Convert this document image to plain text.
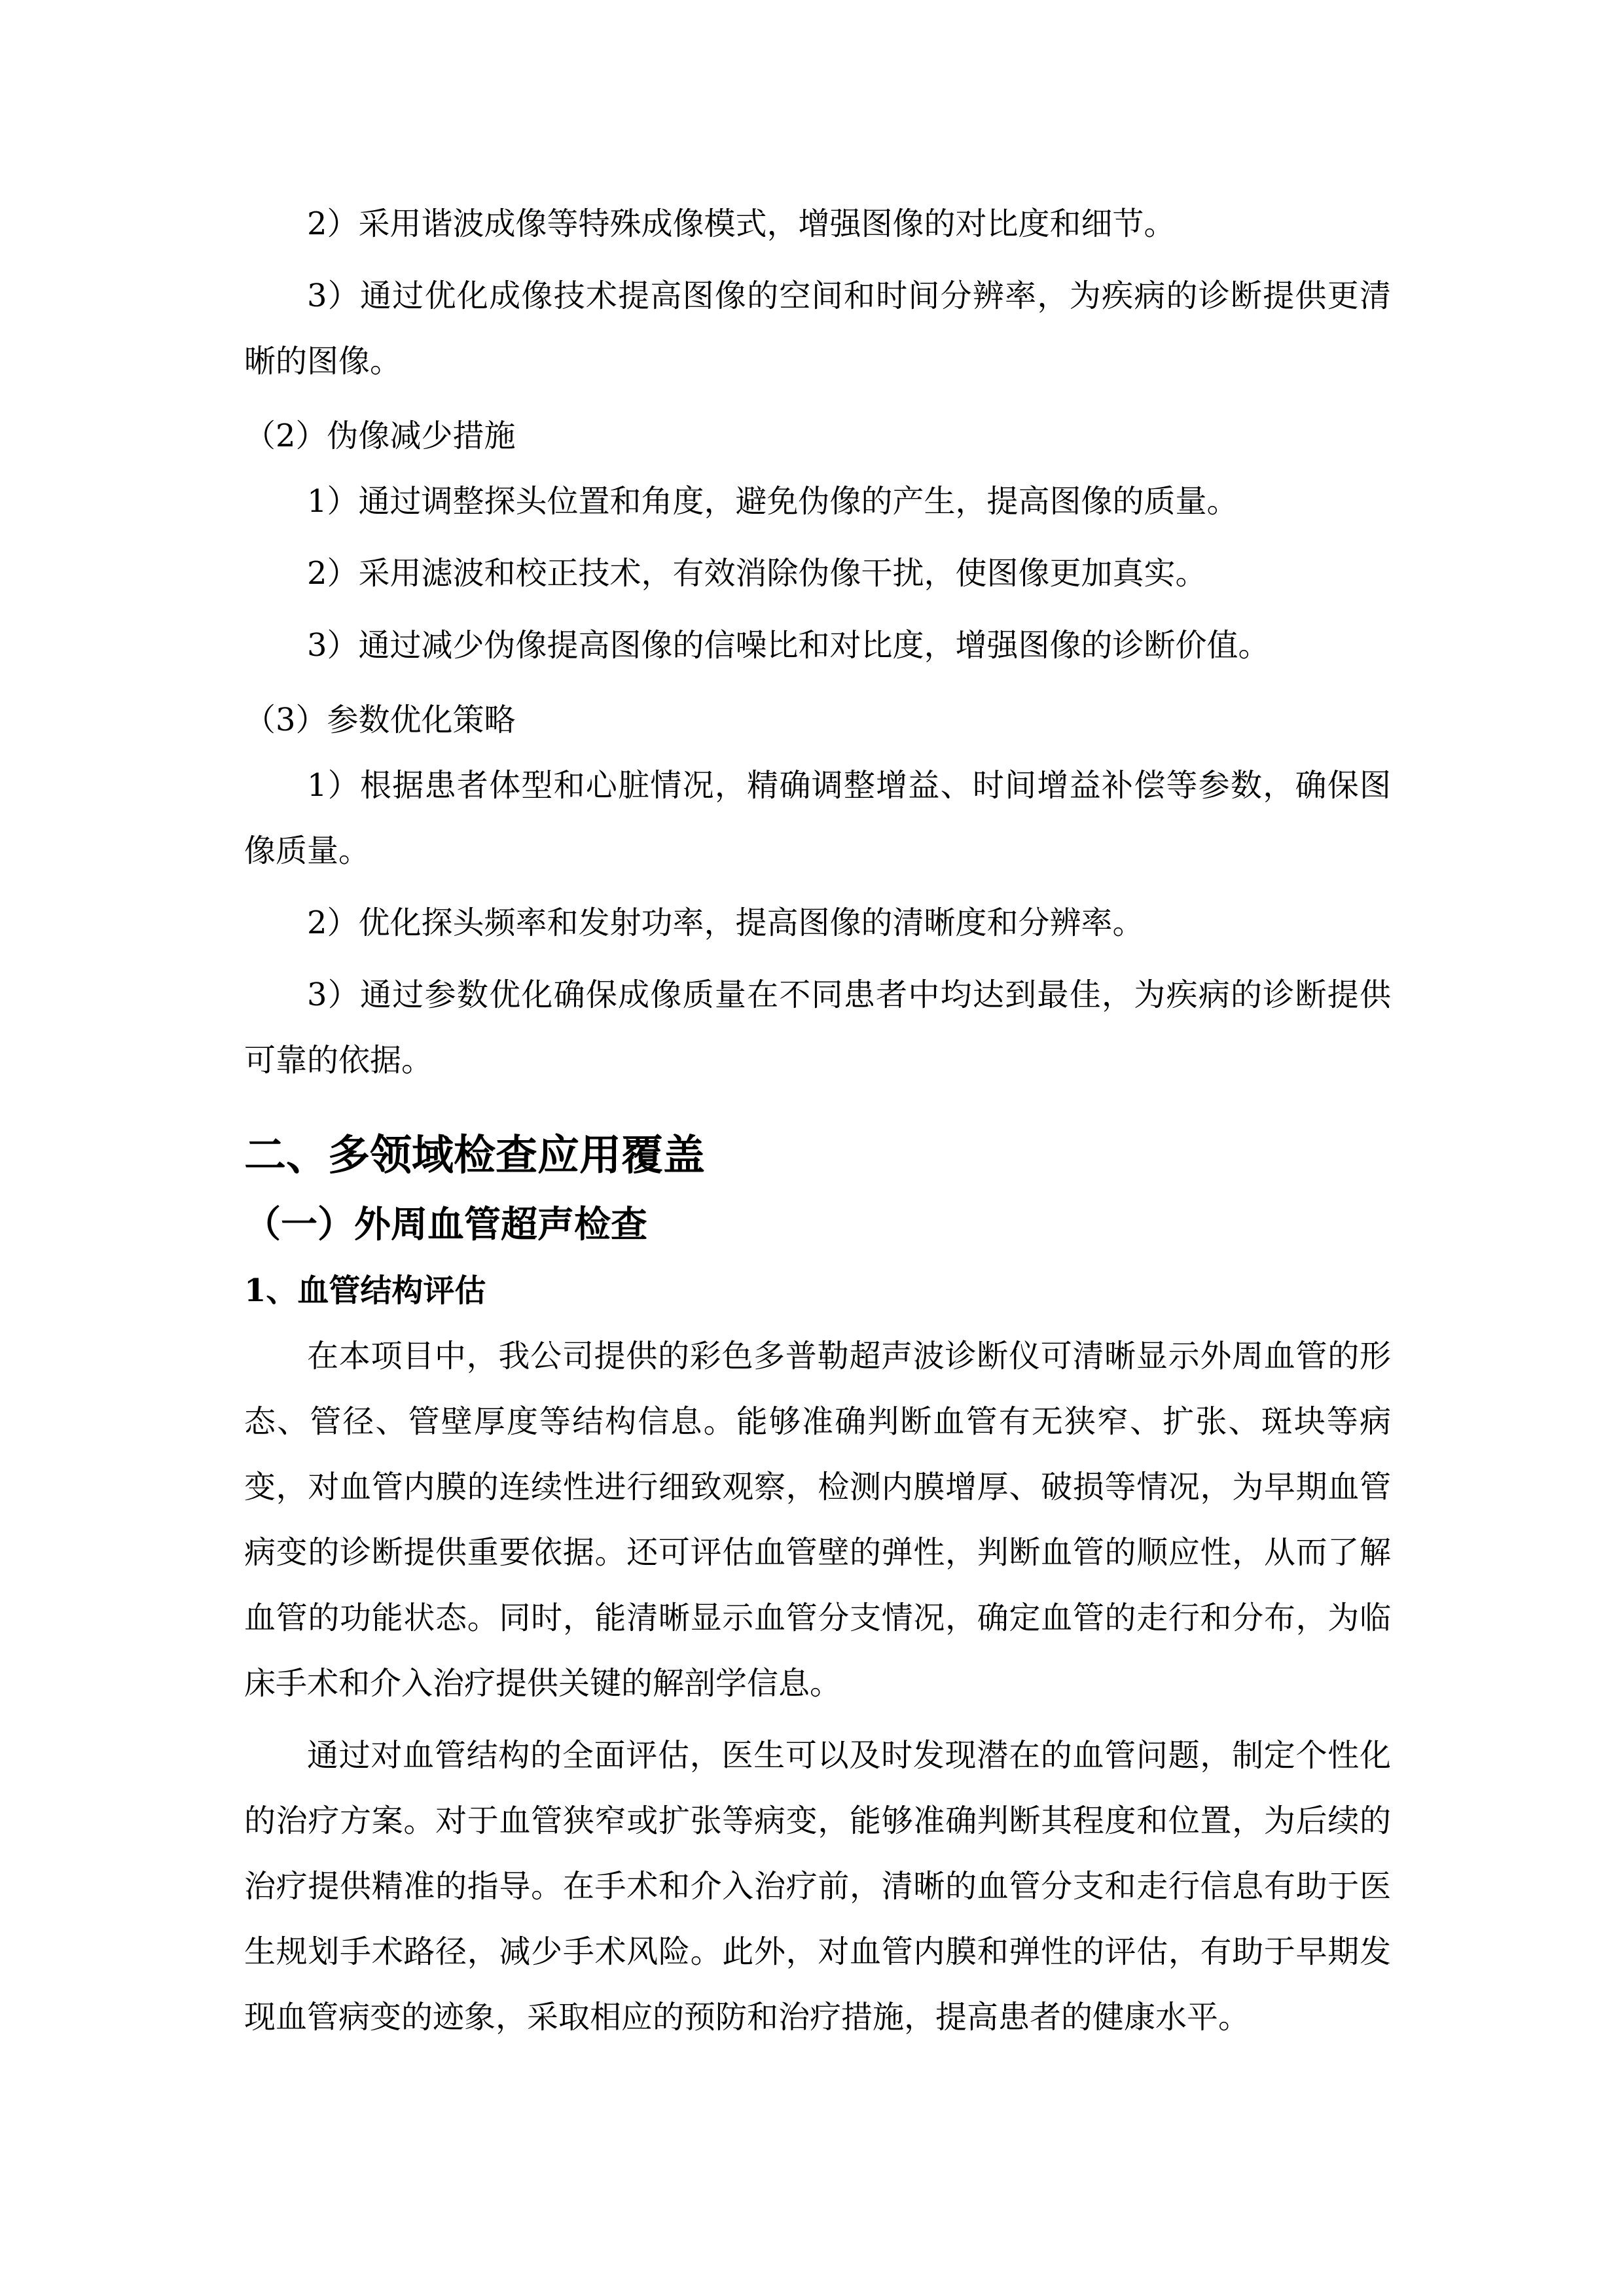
2）采用谐波成像等特殊成像模式，增强图像的对比度和细节。

3）通过优化成像技术提高图像的空间和时间分辨率，为疾病的诊断提供更清晰的图像。

（2）伪像减少措施

1）通过调整探头位置和角度，避免伪像的产生，提高图像的质量。

2）采用滤波和校正技术，有效消除伪像干扰，使图像更加真实。

3）通过减少伪像提高图像的信噪比和对比度，增强图像的诊断价值。

（3）参数优化策略

1）根据患者体型和心脏情况，精确调整增益、时间增益补偿等参数，确保图像质量。

2）优化探头频率和发射功率，提高图像的清晰度和分辨率。

3）通过参数优化确保成像质量在不同患者中均达到最佳，为疾病的诊断提供可靠的依据。

二、多领域检查应用覆盖
（一）外周血管超声检查
1、血管结构评估

在本项目中，我公司提供的彩色多普勒超声波诊断仪可清晰显示外周血管的形态、管径、管壁厚度等结构信息。能够准确判断血管有无狭窄、扩张、斑块等病变，对血管内膜的连续性进行细致观察，检测内膜增厚、破损等情况，为早期血管病变的诊断提供重要依据。还可评估血管壁的弹性，判断血管的顺应性，从而了解血管的功能状态。同时，能清晰显示血管分支情况，确定血管的走行和分布，为临床手术和介入治疗提供关键的解剖学信息。

通过对血管结构的全面评估，医生可以及时发现潜在的血管问题，制定个性化的治疗方案。对于血管狭窄或扩张等病变，能够准确判断其程度和位置，为后续的治疗提供精准的指导。在手术和介入治疗前，清晰的血管分支和走行信息有助于医生规划手术路径，减少手术风险。此外，对血管内膜和弹性的评估，有助于早期发现血管病变的迹象，采取相应的预防和治疗措施，提高患者的健康水平。
